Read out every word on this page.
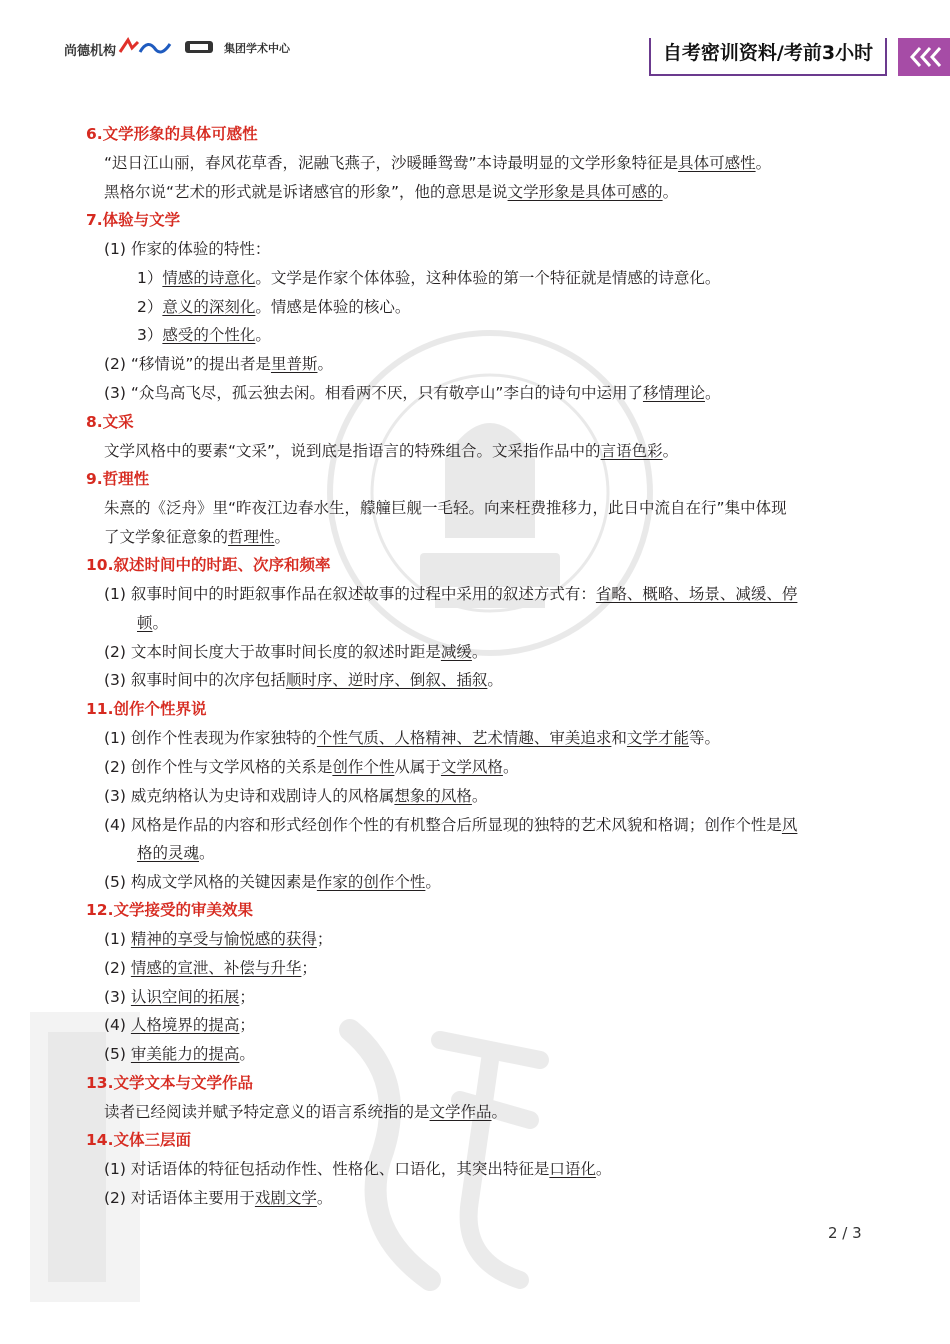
尚德机构	集团学术中心	自考密训资料/考前3小时
6.文学形象的具体可感性
“迟日江山丽，春风花草香，泥融飞燕子，沙暖睡鸳鸯”本诗最明显的文学形象特征是具体可感性。
黑格尔说“艺术的形式就是诉诸感官的形象”，他的意思是说文学形象是具体可感的。
7.体验与文学
(1) 作家的体验的特性：
1）情感的诗意化。文学是作家个体体验，这种体验的第一个特征就是情感的诗意化。
2）意义的深刻化。情感是体验的核心。
3）感受的个性化。
(2) “移情说”的提出者是里普斯。
(3) “众鸟高飞尽，孤云独去闲。相看两不厌，只有敬亭山”李白的诗句中运用了移情理论。
8.文采
文学风格中的要素“文采”，说到底是指语言的特殊组合。文采指作品中的言语色彩。
9.哲理性
朱熹的《泛舟》里“昨夜江边春水生，艨艟巨舰一毛轻。向来枉费推移力，此日中流自在行”集中体现
了文学象征意象的哲理性。
10.叙述时间中的时距、次序和频率
(1) 叙事时间中的时距叙事作品在叙述故事的过程中采用的叙述方式有：省略、概略、场景、减缓、停
顿。
(2) 文本时间长度大于故事时间长度的叙述时距是减缓。
(3) 叙事时间中的次序包括顺时序、逆时序、倒叙、插叙。
11.创作个性界说
(1) 创作个性表现为作家独特的个性气质、人格精神、艺术情趣、审美追求和文学才能等。
(2) 创作个性与文学风格的关系是创作个性从属于文学风格。
(3) 威克纳格认为史诗和戏剧诗人的风格属想象的风格。
(4) 风格是作品的内容和形式经创作个性的有机整合后所显现的独特的艺术风貌和格调；创作个性是风
格的灵魂。
(5) 构成文学风格的关键因素是作家的创作个性。
12.文学接受的审美效果
(1) 精神的享受与愉悦感的获得；
(2) 情感的宣泄、补偿与升华；
(3) 认识空间的拓展；
(4) 人格境界的提高；
(5) 审美能力的提高。
13.文学文本与文学作品
读者已经阅读并赋予特定意义的语言系统指的是文学作品。
14.文体三层面
(1) 对话语体的特征包括动作性、性格化、口语化，其突出特征是口语化。
(2) 对话语体主要用于戏剧文学。
2 / 3
